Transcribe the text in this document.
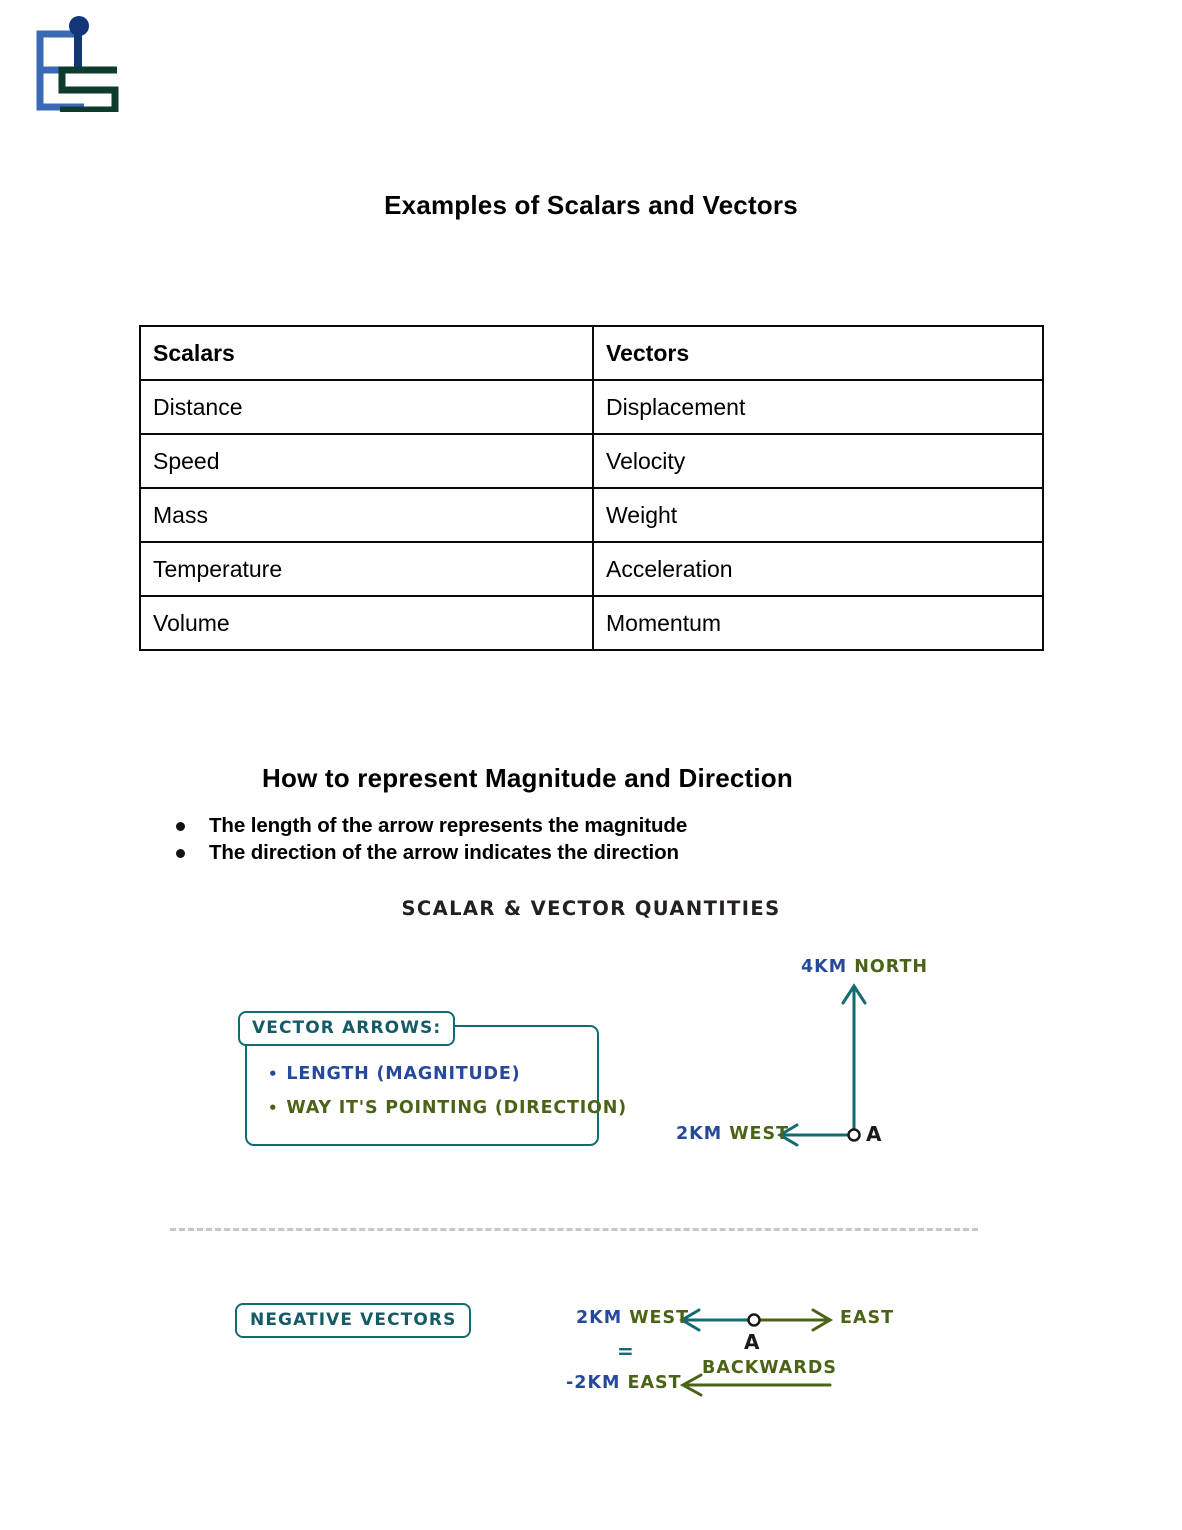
Examples of Scalars and Vectors
Scalars	Vectors
Distance	Displacement
Speed	Velocity
Mass	Weight
Temperature	Acceleration
Volume	Momentum
How to represent Magnitude and Direction
The length of the arrow represents the magnitude
The direction of the arrow indicates the direction
SCALAR & VECTOR QUANTITIES
VECTOR ARROWS:
• LENGTH (MAGNITUDE)
• WAY IT'S POINTING (DIRECTION)
4KM NORTH
2KM WEST	A
NEGATIVE VECTORS	2KM WEST	EAST
A
=
BACKWARDS
-2KM EAST
